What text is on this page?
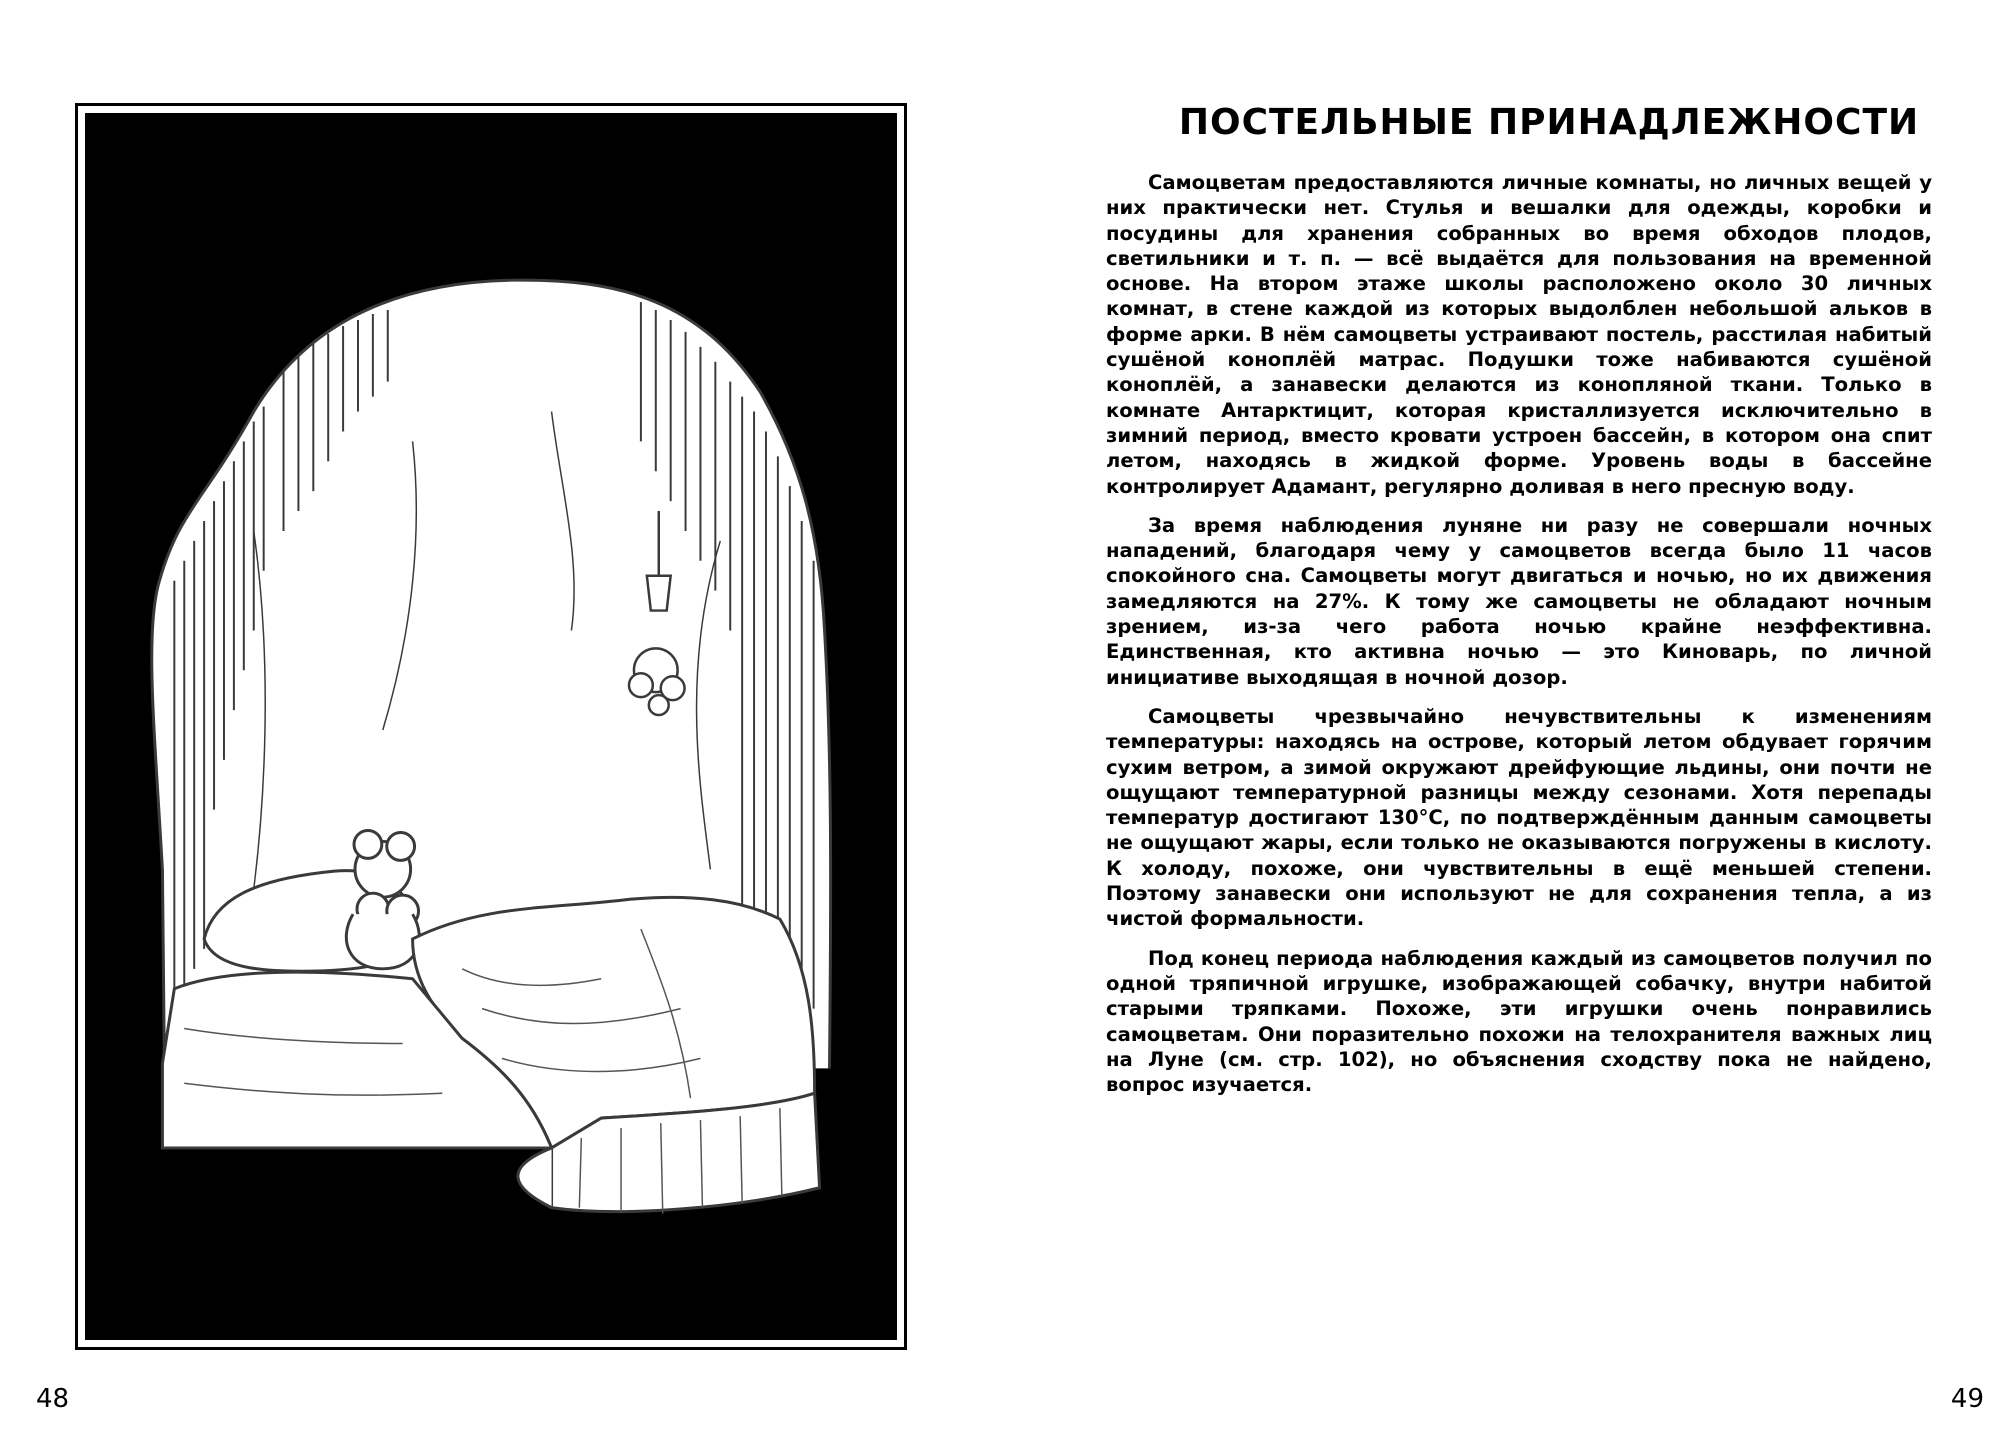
48
ПОСТЕЛЬНЫЕ ПРИНАДЛЕЖНОСТИ

Самоцветам предоставляются личные комнаты, но личных вещей у них практически нет. Стулья и вешалки для одежды, коробки и посудины для хранения собранных во время обходов плодов, светильники и т. п. — всё выдаётся для пользования на временной основе. На втором этаже школы расположено около 30 личных комнат, в стене каждой из которых выдолблен небольшой альков в форме арки. В нём самоцветы устраивают постель, расстилая набитый сушёной коноплёй матрас. Подушки тоже набиваются сушёной коноплёй, а занавески делаются из конопляной ткани. Только в комнате Антарктицит, которая кристаллизуется исключительно в зимний период, вместо кровати устроен бассейн, в котором она спит летом, находясь в жидкой форме. Уровень воды в бассейне контролирует Адамант, регулярно доливая в него пресную воду.

За время наблюдения луняне ни разу не совершали ночных нападений, благодаря чему у самоцветов всегда было 11 часов спокойного сна. Самоцветы могут двигаться и ночью, но их движения замедляются на 27%. К тому же самоцветы не обладают ночным зрением, из-за чего работа ночью крайне неэффективна. Единственная, кто активна ночью — это Киноварь, по личной инициативе выходящая в ночной дозор.

Самоцветы чрезвычайно нечувствительны к изменениям температуры: находясь на острове, который летом обдувает горячим сухим ветром, а зимой окружают дрейфующие льдины, они почти не ощущают температурной разницы между сезонами. Хотя перепады температур достигают 130°C, по подтверждённым данным самоцветы не ощущают жары, если только не оказываются погружены в кислоту. К холоду, похоже, они чувствительны в ещё меньшей степени. Поэтому занавески они используют не для сохранения тепла, а из чистой формальности.

Под конец периода наблюдения каждый из самоцветов получил по одной тряпичной игрушке, изображающей собачку, внутри набитой старыми тряпками. Похоже, эти игрушки очень понравились самоцветам. Они поразительно похожи на телохранителя важных лиц на Луне (см. стр. 102), но объяснения сходству пока не найдено, вопрос изучается.

49
